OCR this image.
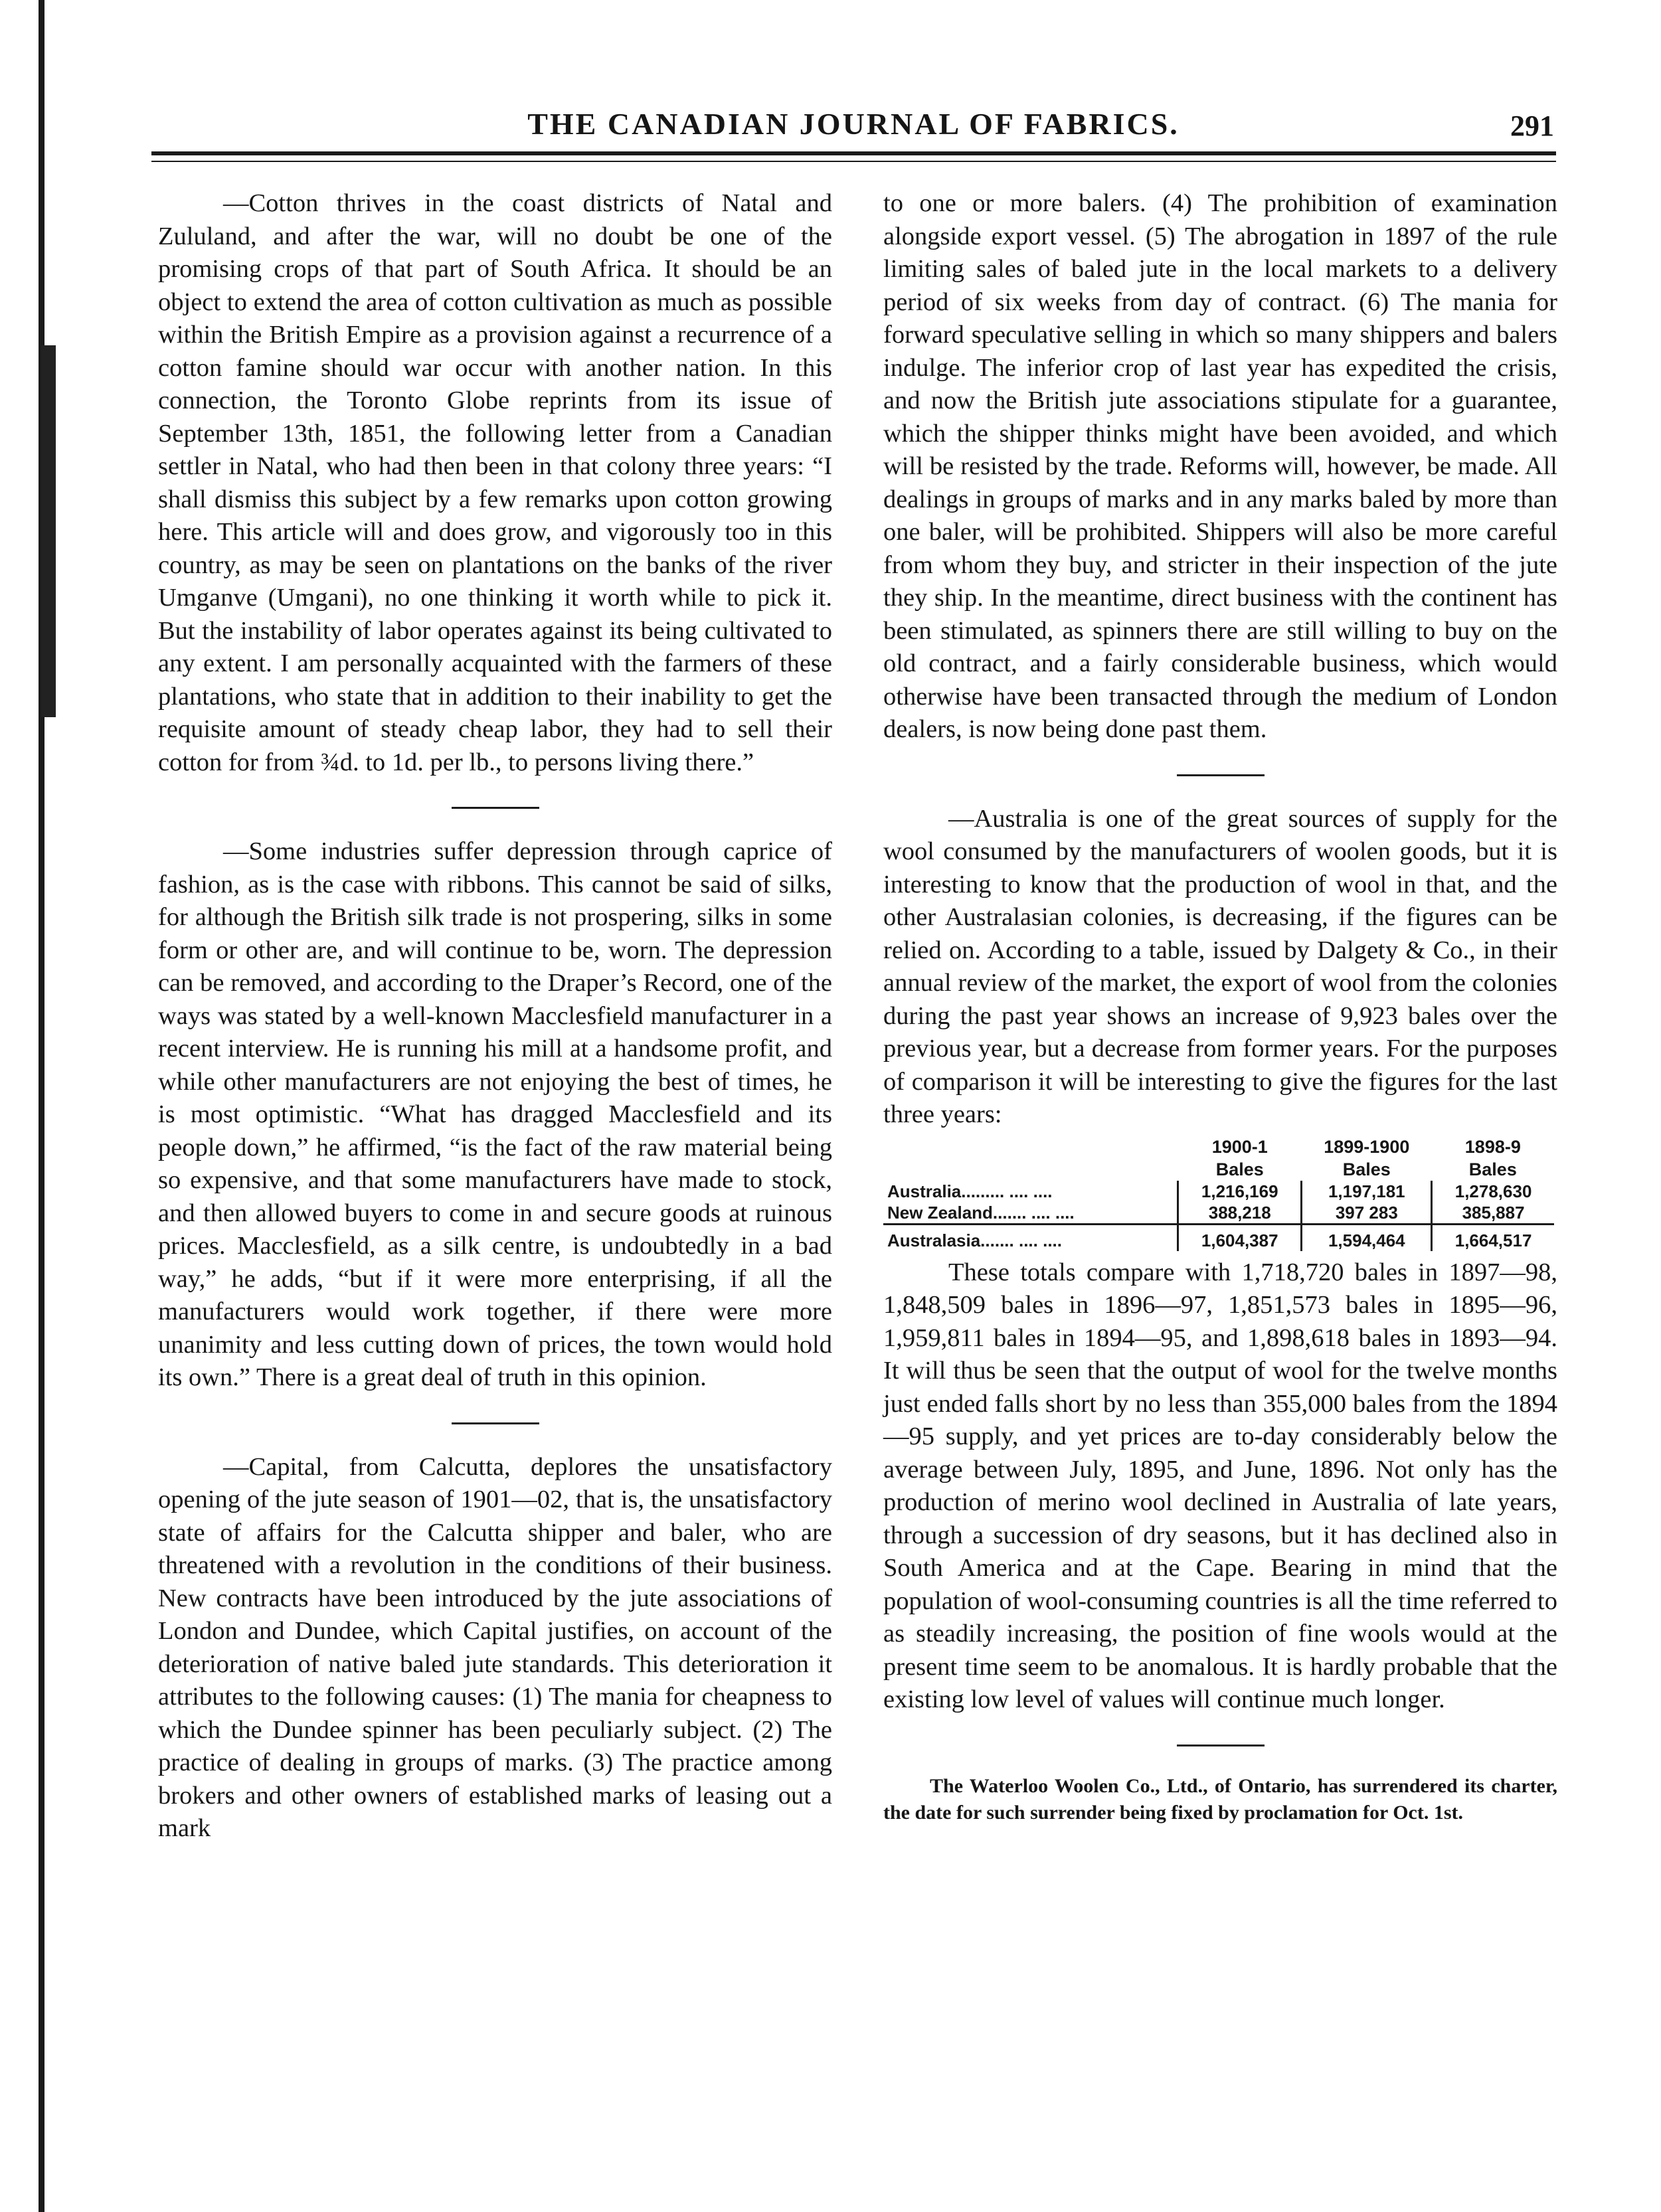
THE CANADIAN JOURNAL OF FABRICS.	291

—Cotton thrives in the coast districts of Natal and Zululand, and after the war, will no doubt be one of the promising crops of that part of South Africa. It should be an object to extend the area of cotton cultivation as much as possible within the British Empire as a provision against a recurrence of a cotton famine should war occur with another nation. In this connection, the Toronto Globe reprints from its issue of September 13th, 1851, the following letter from a Canadian settler in Natal, who had then been in that colony three years: “I shall dismiss this subject by a few remarks upon cotton growing here. This article will and does grow, and vigorously too in this country, as may be seen on plantations on the banks of the river Umganve (Umgani), no one thinking it worth while to pick it. But the instability of labor operates against its being cultivated to any extent. I am personally acquainted with the farmers of these plantations, who state that in addition to their inability to get the requisite amount of steady cheap labor, they had to sell their cotton for from ¾d. to 1d. per lb., to persons living there.”

—Some industries suffer depression through caprice of fashion, as is the case with ribbons. This cannot be said of silks, for although the British silk trade is not prospering, silks in some form or other are, and will continue to be, worn. The depression can be removed, and according to the Draper’s Record, one of the ways was stated by a well-known Macclesfield manufacturer in a recent interview. He is running his mill at a handsome profit, and while other manufacturers are not enjoying the best of times, he is most optimistic. “What has dragged Macclesfield and its people down,” he affirmed, “is the fact of the raw material being so expensive, and that some manufacturers have made to stock, and then allowed buyers to come in and secure goods at ruinous prices. Macclesfield, as a silk centre, is undoubtedly in a bad way,” he adds, “but if it were more enterprising, if all the manufacturers would work together, if there were more unanimity and less cutting down of prices, the town would hold its own.” There is a great deal of truth in this opinion.

—Capital, from Calcutta, deplores the unsatisfactory opening of the jute season of 1901—02, that is, the unsatisfactory state of affairs for the Calcutta shipper and baler, who are threatened with a revolution in the conditions of their business. New contracts have been introduced by the jute associations of London and Dundee, which Capital justifies, on account of the deterioration of native baled jute standards. This deterioration it attributes to the following causes: (1) The mania for cheapness to which the Dundee spinner has been peculiarly subject. (2) The practice of dealing in groups of marks. (3) The practice among brokers and other owners of established marks of leasing out a mark

to one or more balers. (4) The prohibition of examination alongside export vessel. (5) The abrogation in 1897 of the rule limiting sales of baled jute in the local markets to a delivery period of six weeks from day of contract. (6) The mania for forward speculative selling in which so many shippers and balers indulge. The inferior crop of last year has expedited the crisis, and now the British jute associations stipulate for a guarantee, which the shipper thinks might have been avoided, and which will be resisted by the trade. Reforms will, however, be made. All dealings in groups of marks and in any marks baled by more than one baler, will be prohibited. Shippers will also be more careful from whom they buy, and stricter in their inspection of the jute they ship. In the meantime, direct business with the continent has been stimulated, as spinners there are still willing to buy on the old contract, and a fairly considerable business, which would otherwise have been transacted through the medium of London dealers, is now being done past them.

—Australia is one of the great sources of supply for the wool consumed by the manufacturers of woolen goods, but it is interesting to know that the production of wool in that, and the other Australasian colonies, is decreasing, if the figures can be relied on. According to a table, issued by Dalgety & Co., in their annual review of the market, the export of wool from the colonies during the past year shows an increase of 9,923 bales over the previous year, but a decrease from former years. For the purposes of comparison it will be interesting to give the figures for the last three years:

	1900-1	1899-1900	1898-9
	Bales	Bales	Bales
Australia......... .... ....	1,216,169	1,197,181	1,278,630
New Zealand....... .... ....	388,218	397 283	385,887
Australasia....... .... ....	1,604,387	1,594,464	1,664,517

These totals compare with 1,718,720 bales in 1897—98, 1,848,509 bales in 1896—97, 1,851,573 bales in 1895—96, 1,959,811 bales in 1894—95, and 1,898,618 bales in 1893—94. It will thus be seen that the output of wool for the twelve months just ended falls short by no less than 355,000 bales from the 1894—95 supply, and yet prices are to-day considerably below the average between July, 1895, and June, 1896. Not only has the production of merino wool declined in Australia of late years, through a succession of dry seasons, but it has declined also in South America and at the Cape. Bearing in mind that the population of wool-consuming countries is all the time referred to as steadily increasing, the position of fine wools would at the present time seem to be anomalous. It is hardly probable that the existing low level of values will continue much longer.

The Waterloo Woolen Co., Ltd., of Ontario, has surrendered its charter, the date for such surrender being fixed by proclamation for Oct. 1st.
